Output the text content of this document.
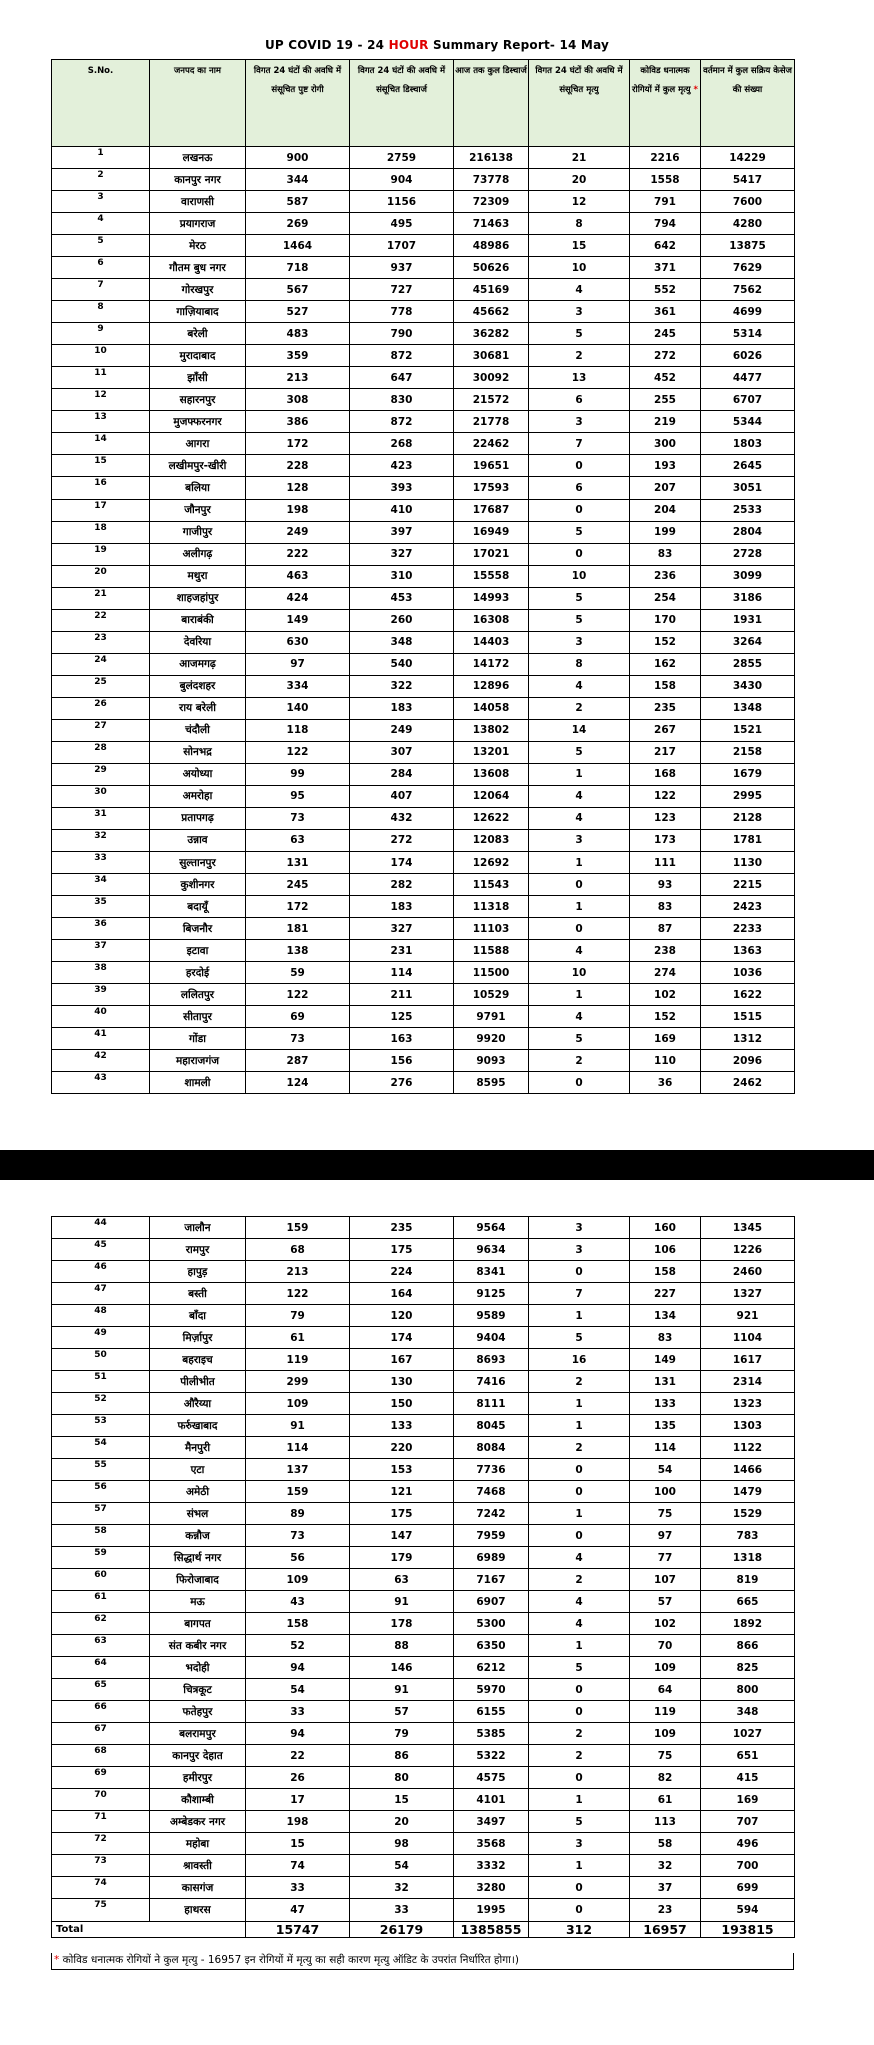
UP COVID 19 - 24 HOUR Summary Report- 14 May
S.No.	जनपद का नाम	विगत 24 घंटों की अवधि में संसूचित पुष्ट रोगी	विगत 24 घंटों की अवधि में संसूचित डिस्चार्ज	आज तक कुल डिस्चार्ज	विगत 24 घंटों की अवधि में संसूचित मृत्यु	कोविड धनात्मक रोगियों में कुल मृत्यु *	वर्तमान में कुल सक्रिय केसेज की संख्या
1	लखनऊ	900	2759	216138	21	2216	14229
2	कानपुर नगर	344	904	73778	20	1558	5417
3	वाराणसी	587	1156	72309	12	791	7600
4	प्रयागराज	269	495	71463	8	794	4280
5	मेरठ	1464	1707	48986	15	642	13875
6	गौतम बुध नगर	718	937	50626	10	371	7629
7	गोरखपुर	567	727	45169	4	552	7562
8	गाज़ियाबाद	527	778	45662	3	361	4699
9	बरेली	483	790	36282	5	245	5314
10	मुरादाबाद	359	872	30681	2	272	6026
11	झाँसी	213	647	30092	13	452	4477
12	सहारनपुर	308	830	21572	6	255	6707
13	मुजफ्फरनगर	386	872	21778	3	219	5344
14	आगरा	172	268	22462	7	300	1803
15	लखीमपुर-खीरी	228	423	19651	0	193	2645
16	बलिया	128	393	17593	6	207	3051
17	जौनपुर	198	410	17687	0	204	2533
18	गाजीपुर	249	397	16949	5	199	2804
19	अलीगढ़	222	327	17021	0	83	2728
20	मथुरा	463	310	15558	10	236	3099
21	शाहजहांपुर	424	453	14993	5	254	3186
22	बाराबंकी	149	260	16308	5	170	1931
23	देवरिया	630	348	14403	3	152	3264
24	आजमगढ़	97	540	14172	8	162	2855
25	बुलंदशहर	334	322	12896	4	158	3430
26	राय बरेली	140	183	14058	2	235	1348
27	चंदौली	118	249	13802	14	267	1521
28	सोनभद्र	122	307	13201	5	217	2158
29	अयोध्या	99	284	13608	1	168	1679
30	अमरोहा	95	407	12064	4	122	2995
31	प्रतापगढ़	73	432	12622	4	123	2128
32	उन्नाव	63	272	12083	3	173	1781
33	सुल्तानपुर	131	174	12692	1	111	1130
34	कुशीनगर	245	282	11543	0	93	2215
35	बदायूँ	172	183	11318	1	83	2423
36	बिजनौर	181	327	11103	0	87	2233
37	इटावा	138	231	11588	4	238	1363
38	हरदोई	59	114	11500	10	274	1036
39	ललितपुर	122	211	10529	1	102	1622
40	सीतापुर	69	125	9791	4	152	1515
41	गोंडा	73	163	9920	5	169	1312
42	महाराजगंज	287	156	9093	2	110	2096
43	शामली	124	276	8595	0	36	2462
44	जालौन	159	235	9564	3	160	1345
45	रामपुर	68	175	9634	3	106	1226
46	हापुड़	213	224	8341	0	158	2460
47	बस्ती	122	164	9125	7	227	1327
48	बाँदा	79	120	9589	1	134	921
49	मिर्ज़ापुर	61	174	9404	5	83	1104
50	बहराइच	119	167	8693	16	149	1617
51	पीलीभीत	299	130	7416	2	131	2314
52	औरैय्या	109	150	8111	1	133	1323
53	फर्रुखाबाद	91	133	8045	1	135	1303
54	मैनपुरी	114	220	8084	2	114	1122
55	एटा	137	153	7736	0	54	1466
56	अमेठी	159	121	7468	0	100	1479
57	संभल	89	175	7242	1	75	1529
58	कन्नौज	73	147	7959	0	97	783
59	सिद्धार्थ नगर	56	179	6989	4	77	1318
60	फिरोजाबाद	109	63	7167	2	107	819
61	मऊ	43	91	6907	4	57	665
62	बागपत	158	178	5300	4	102	1892
63	संत कबीर नगर	52	88	6350	1	70	866
64	भदोही	94	146	6212	5	109	825
65	चित्रकूट	54	91	5970	0	64	800
66	फतेहपुर	33	57	6155	0	119	348
67	बलरामपुर	94	79	5385	2	109	1027
68	कानपुर देहात	22	86	5322	2	75	651
69	हमीरपुर	26	80	4575	0	82	415
70	कौशाम्बी	17	15	4101	1	61	169
71	अम्बेडकर नगर	198	20	3497	5	113	707
72	महोबा	15	98	3568	3	58	496
73	श्रावस्ती	74	54	3332	1	32	700
74	कासगंज	33	32	3280	0	37	699
75	हाथरस	47	33	1995	0	23	594
Total		15747	26179	1385855	312	16957	193815
* कोविड धनात्मक रोगियों ने कुल मृत्यु - 16957 इन रोगियों में मृत्यु का सही कारण मृत्यु ऑडिट के उपरांत निर्धारित होगा।)
